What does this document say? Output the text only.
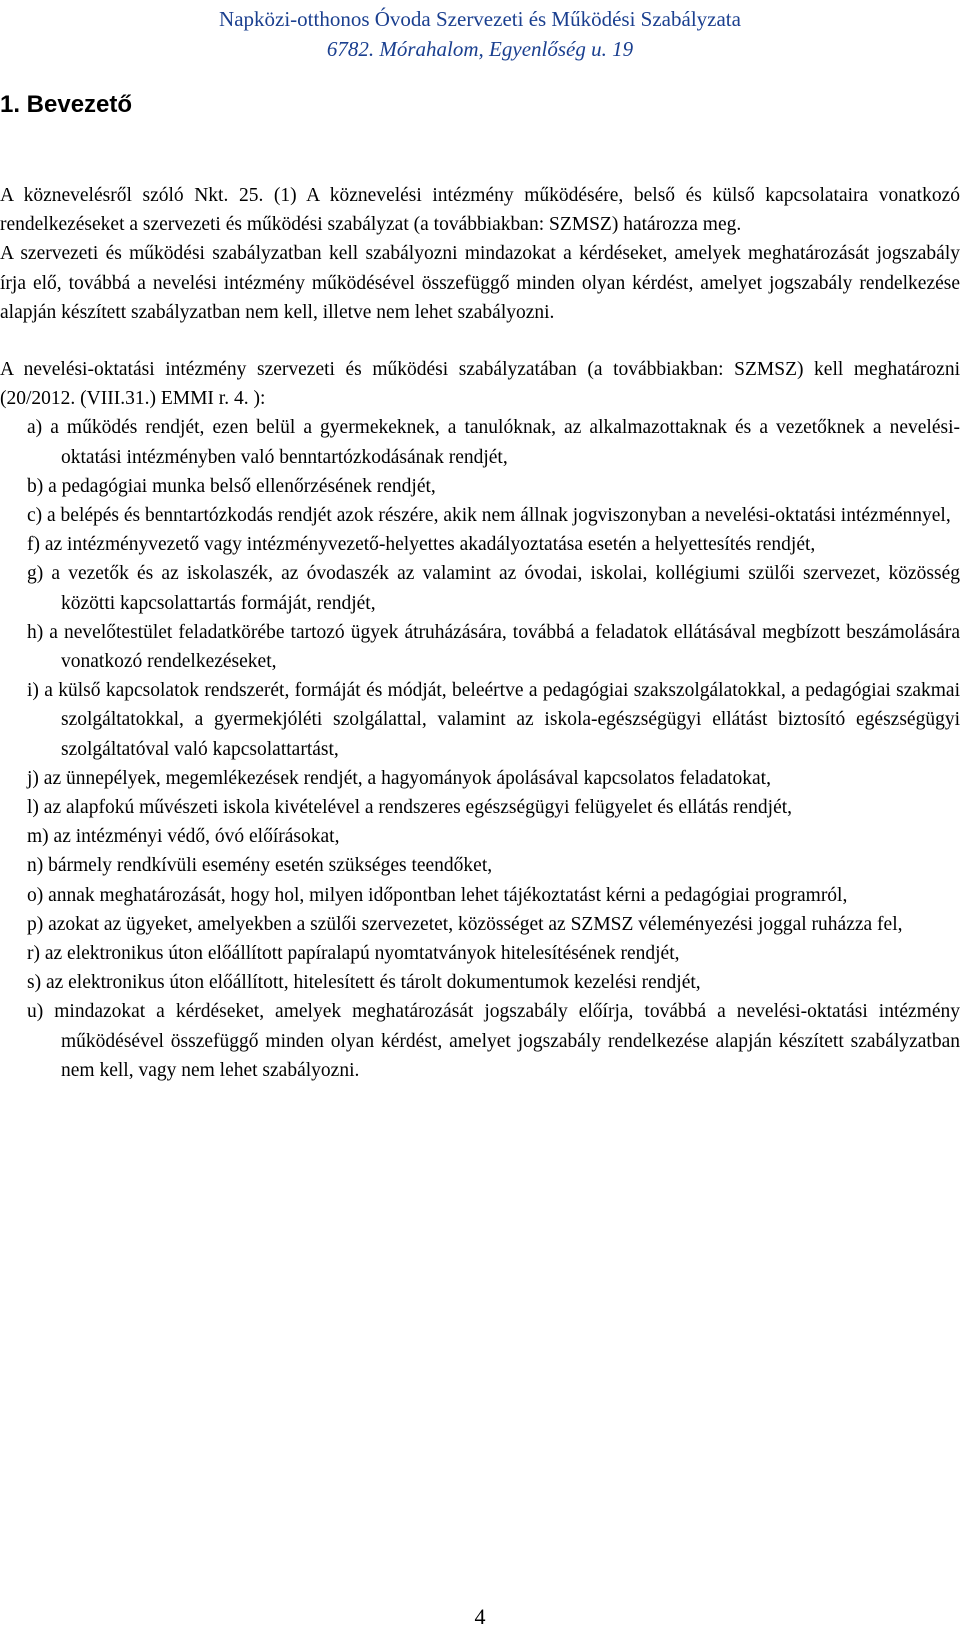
Napközi-otthonos Óvoda Szervezeti és Működési Szabályzata
6782. Mórahalom, Egyenlőség u. 19
1. Bevezető

A köznevelésről szóló Nkt. 25. (1) A köznevelési intézmény működésére, belső és külső kapcsolataira vonatkozó rendelkezéseket a szervezeti és működési szabályzat (a továbbiakban: SZMSZ) határozza meg.

A szervezeti és működési szabályzatban kell szabályozni mindazokat a kérdéseket, amelyek meghatározását jogszabály írja elő, továbbá a nevelési intézmény működésével összefüggő minden olyan kérdést, amelyet jogszabály rendelkezése alapján készített szabályzatban nem kell, illetve nem lehet szabályozni.

A nevelési-oktatási intézmény szervezeti és működési szabályzatában (a továbbiakban: SZMSZ) kell meghatározni (20/2012. (VIII.31.) EMMI r. 4. ):

a) a működés rendjét, ezen belül a gyermekeknek, a tanulóknak, az alkalmazottaknak és a vezetőknek a nevelési-oktatási intézményben való benntartózkodásának rendjét,
b) a pedagógiai munka belső ellenőrzésének rendjét,
c) a belépés és benntartózkodás rendjét azok részére, akik nem állnak jogviszonyban a nevelési-oktatási intézménnyel,
f) az intézményvezető vagy intézményvezető-helyettes akadályoztatása esetén a helyettesítés rendjét,
g) a vezetők és az iskolaszék, az óvodaszék az valamint az óvodai, iskolai, kollégiumi szülői szervezet, közösség közötti kapcsolattartás formáját, rendjét,
h) a nevelőtestület feladatkörébe tartozó ügyek átruházására, továbbá a feladatok ellátásával megbízott beszámolására vonatkozó rendelkezéseket,
i) a külső kapcsolatok rendszerét, formáját és módját, beleértve a pedagógiai szakszolgálatokkal, a pedagógiai szakmai szolgáltatokkal, a gyermekjóléti szolgálattal, valamint az iskola-egészségügyi ellátást biztosító egészségügyi szolgáltatóval való kapcsolattartást,
j) az ünnepélyek, megemlékezések rendjét, a hagyományok ápolásával kapcsolatos feladatokat,
l) az alapfokú művészeti iskola kivételével a rendszeres egészségügyi felügyelet és ellátás rendjét,
m) az intézményi védő, óvó előírásokat,
n) bármely rendkívüli esemény esetén szükséges teendőket,
o) annak meghatározását, hogy hol, milyen időpontban lehet tájékoztatást kérni a pedagógiai programról,
p) azokat az ügyeket, amelyekben a szülői szervezetet, közösséget az SZMSZ véleményezési joggal ruházza fel,
r) az elektronikus úton előállított papíralapú nyomtatványok hitelesítésének rendjét,
s) az elektronikus úton előállított, hitelesített és tárolt dokumentumok kezelési rendjét,
u) mindazokat a kérdéseket, amelyek meghatározását jogszabály előírja, továbbá a nevelési-oktatási intézmény működésével összefüggő minden olyan kérdést, amelyet jogszabály rendelkezése alapján készített szabályzatban nem kell, vagy nem lehet szabályozni.
4
